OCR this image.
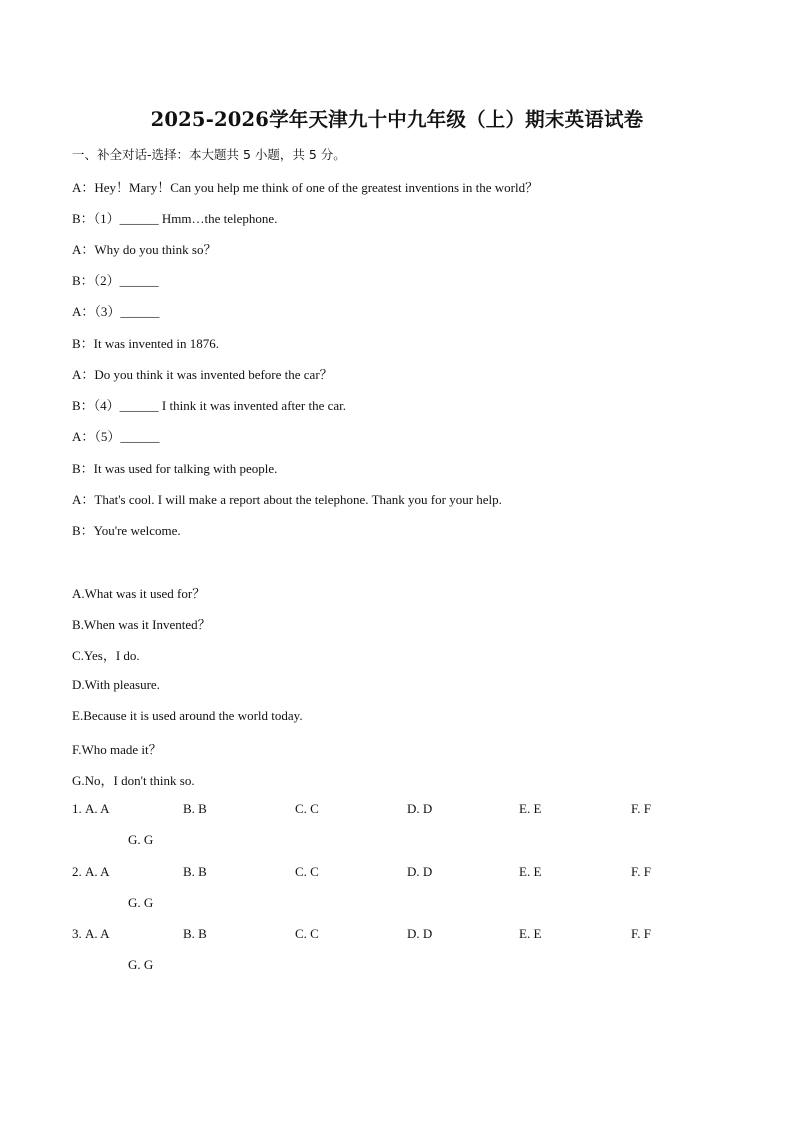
2025-2026学年天津九十中九年级（上）期末英语试卷
一、补全对话-选择：本大题共 5 小题，共 5 分。
A：Hey！Mary！Can you help me think of one of the greatest inventions in the world？
B：（1）______ Hmm…the telephone.
A：Why do you think so？
B：（2）______
A：（3）______
B：It was invented in 1876.
A：Do you think it was invented before the car？
B：（4）______ I think it was invented after the car.
A：（5）______
B：It was used for talking with people.
A：That's cool. I will make a report about the telephone. Thank you for your help.
B：You're welcome.
A.What was it used for？
B.When was it Invented？
C.Yes，I do.
D.With pleasure.
E.Because it is used around the world today.
F.Who made it？
G.No，I don't think so.
1. A. A	B. B	C. C	D. D	E. E	F. F
G. G
2. A. A	B. B	C. C	D. D	E. E	F. F
G. G
3. A. A	B. B	C. C	D. D	E. E	F. F
G. G
